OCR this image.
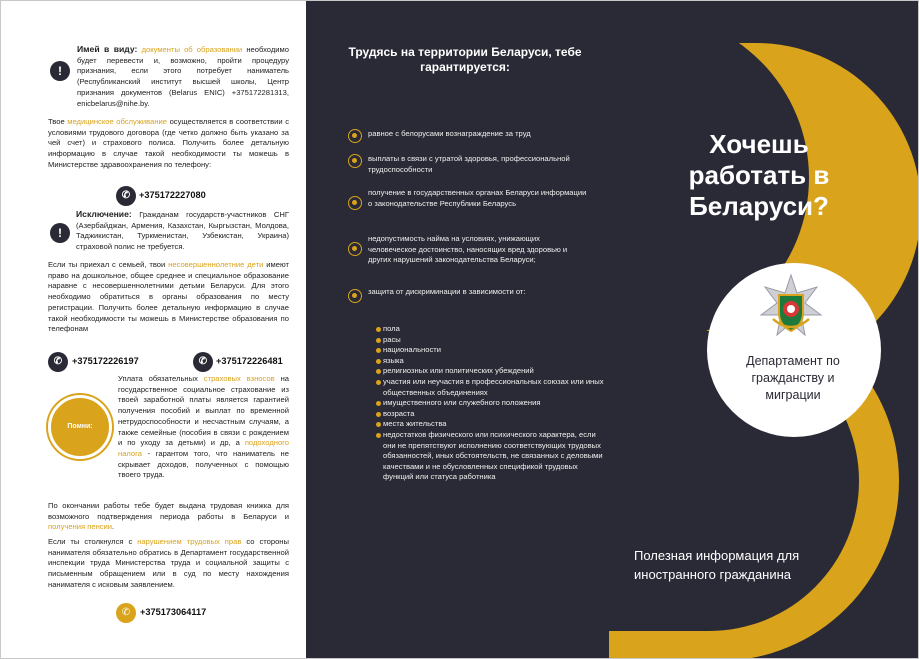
!
Имей в виду: документы об образовании необходимо будет перевести и, возможно, пройти процедуру признания, если этого потребует наниматель (Республиканский институт высшей школы, Центр признания документов (Belarus ENIC) +375172281313, enicbelarus@nihe.by.
Твое медицинское обслуживание осуществляется в соответствии с условиями трудового договора (где четко должно быть указано за чей счет) и страхового полиса. Получить более детальную информацию в случае такой необходимости ты можешь в Министерстве здравоохранения по телефону:
✆ +375172227080
!
Исключение: Гражданам государств-участников СНГ (Азербайджан, Армения, Казахстан, Кыргызстан, Молдова, Таджикистан, Туркменистан, Узбекистан, Украина) страховой полис не требуется.
Если ты приехал с семьей, твои несовершеннолетние дети имеют право на дошкольное, общее среднее и специальное образование наравне с несовершеннолетними детьми Беларуси. Для этого необходимо обратиться в органы образования по месту регистрации. Получить более детальную информацию в случае такой необходимости ты можешь в Министерстве образования по телефонам
✆	+375172226197	✆ +375172226481
Помни:
Уплата обязательных страховых взносов на государственное социальное страхование из твоей заработной платы является гарантией получения пособий и выплат по временной нетрудоспособности и несчастным случаям, а также семейные (пособия в связи с рождением и по уходу за детьми) и др, а подоходного налога - гарантом того, что наниматель не скрывает доходов, полученных с помощью твоего труда.
По окончании работы тебе будет выдана трудовая книжка для возможного подтверждения периода работы в Беларуси и получения пенсии.
Если ты столкнулся с нарушением трудовых прав со стороны нанимателя обязательно обратись в Департамент государственной инспекции труда Министерства труда и социальной защиты с письменным обращением или в суд по месту нахождения нанимателя с исковым заявлением.
✆	+375173064117
Трудясь на территории Беларуси, тебе гарантируется:
равное с белорусами вознаграждение за труд
выплаты в связи с утратой здоровья, профессиональной трудоспособности
получение в государственных органах Беларуси информации о законодательстве Республики Беларусь
недопустимость найма на условиях, унижающих человеческое достоинство, наносящих вред здоровью и других нарушений законодательства Беларуси;
защита от дискриминации в зависимости от:
пола
расы
национальности
языка
религиозных или политических убеждений
участия или неучастия в профессиональных союзах или иных общественных объединениях
имущественного или служебного положения
возраста
места жительства
недостатков физического или психического характера, если они не препятствуют исполнению соответствующих трудовых обязанностей, иных обстоятельств, не связанных с деловыми качествами и не обусловленных спецификой трудовых функций или статуса работника
Хочешь работать в Беларуси?
Департамент по гражданству и миграции
Полезная информация для иностранного гражданина
